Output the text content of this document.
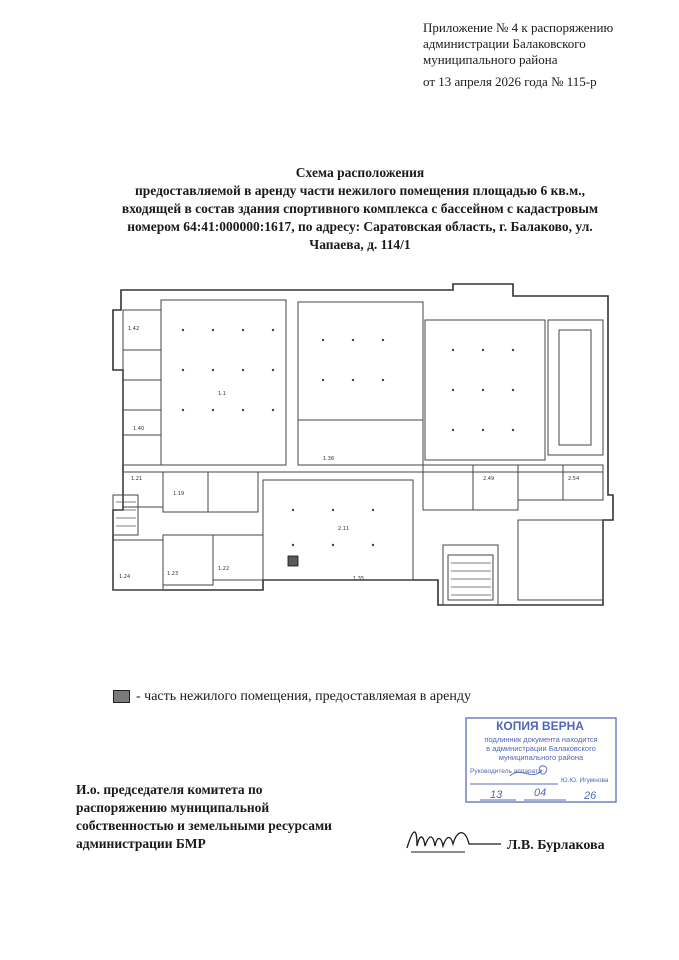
Приложение № 4 к распоряжению
администрации Балаковского
муниципального района
от 13 апреля 2026 года № 115-р
Схема расположения
предоставляемой в аренду части нежилого помещения площадью 6 кв.м.,
входящей в состав здания спортивного комплекса с бассейном с кадастровым
номером 64:41:000000:1617, по адресу: Саратовская область, г. Балаково, ул.
Чапаева, д. 114/1
1.24	1.23
1.22
1.19
1.36
1.42
2.11
1.1
1.21
1.35
2.54
2.49
1.40
- часть нежилого помещения, предоставляемая в аренду
КОПИЯ ВЕРНА
подлинник документа находится
в администрации Балаковского
муниципального района
Руководитель аппарата
Ю.Ю. Игумнова
13	04	26
И.о. председателя комитета по
распоряжению муниципальной
собственностью и земельными ресурсами
администрации БМР	Л.В. Бурлакова
